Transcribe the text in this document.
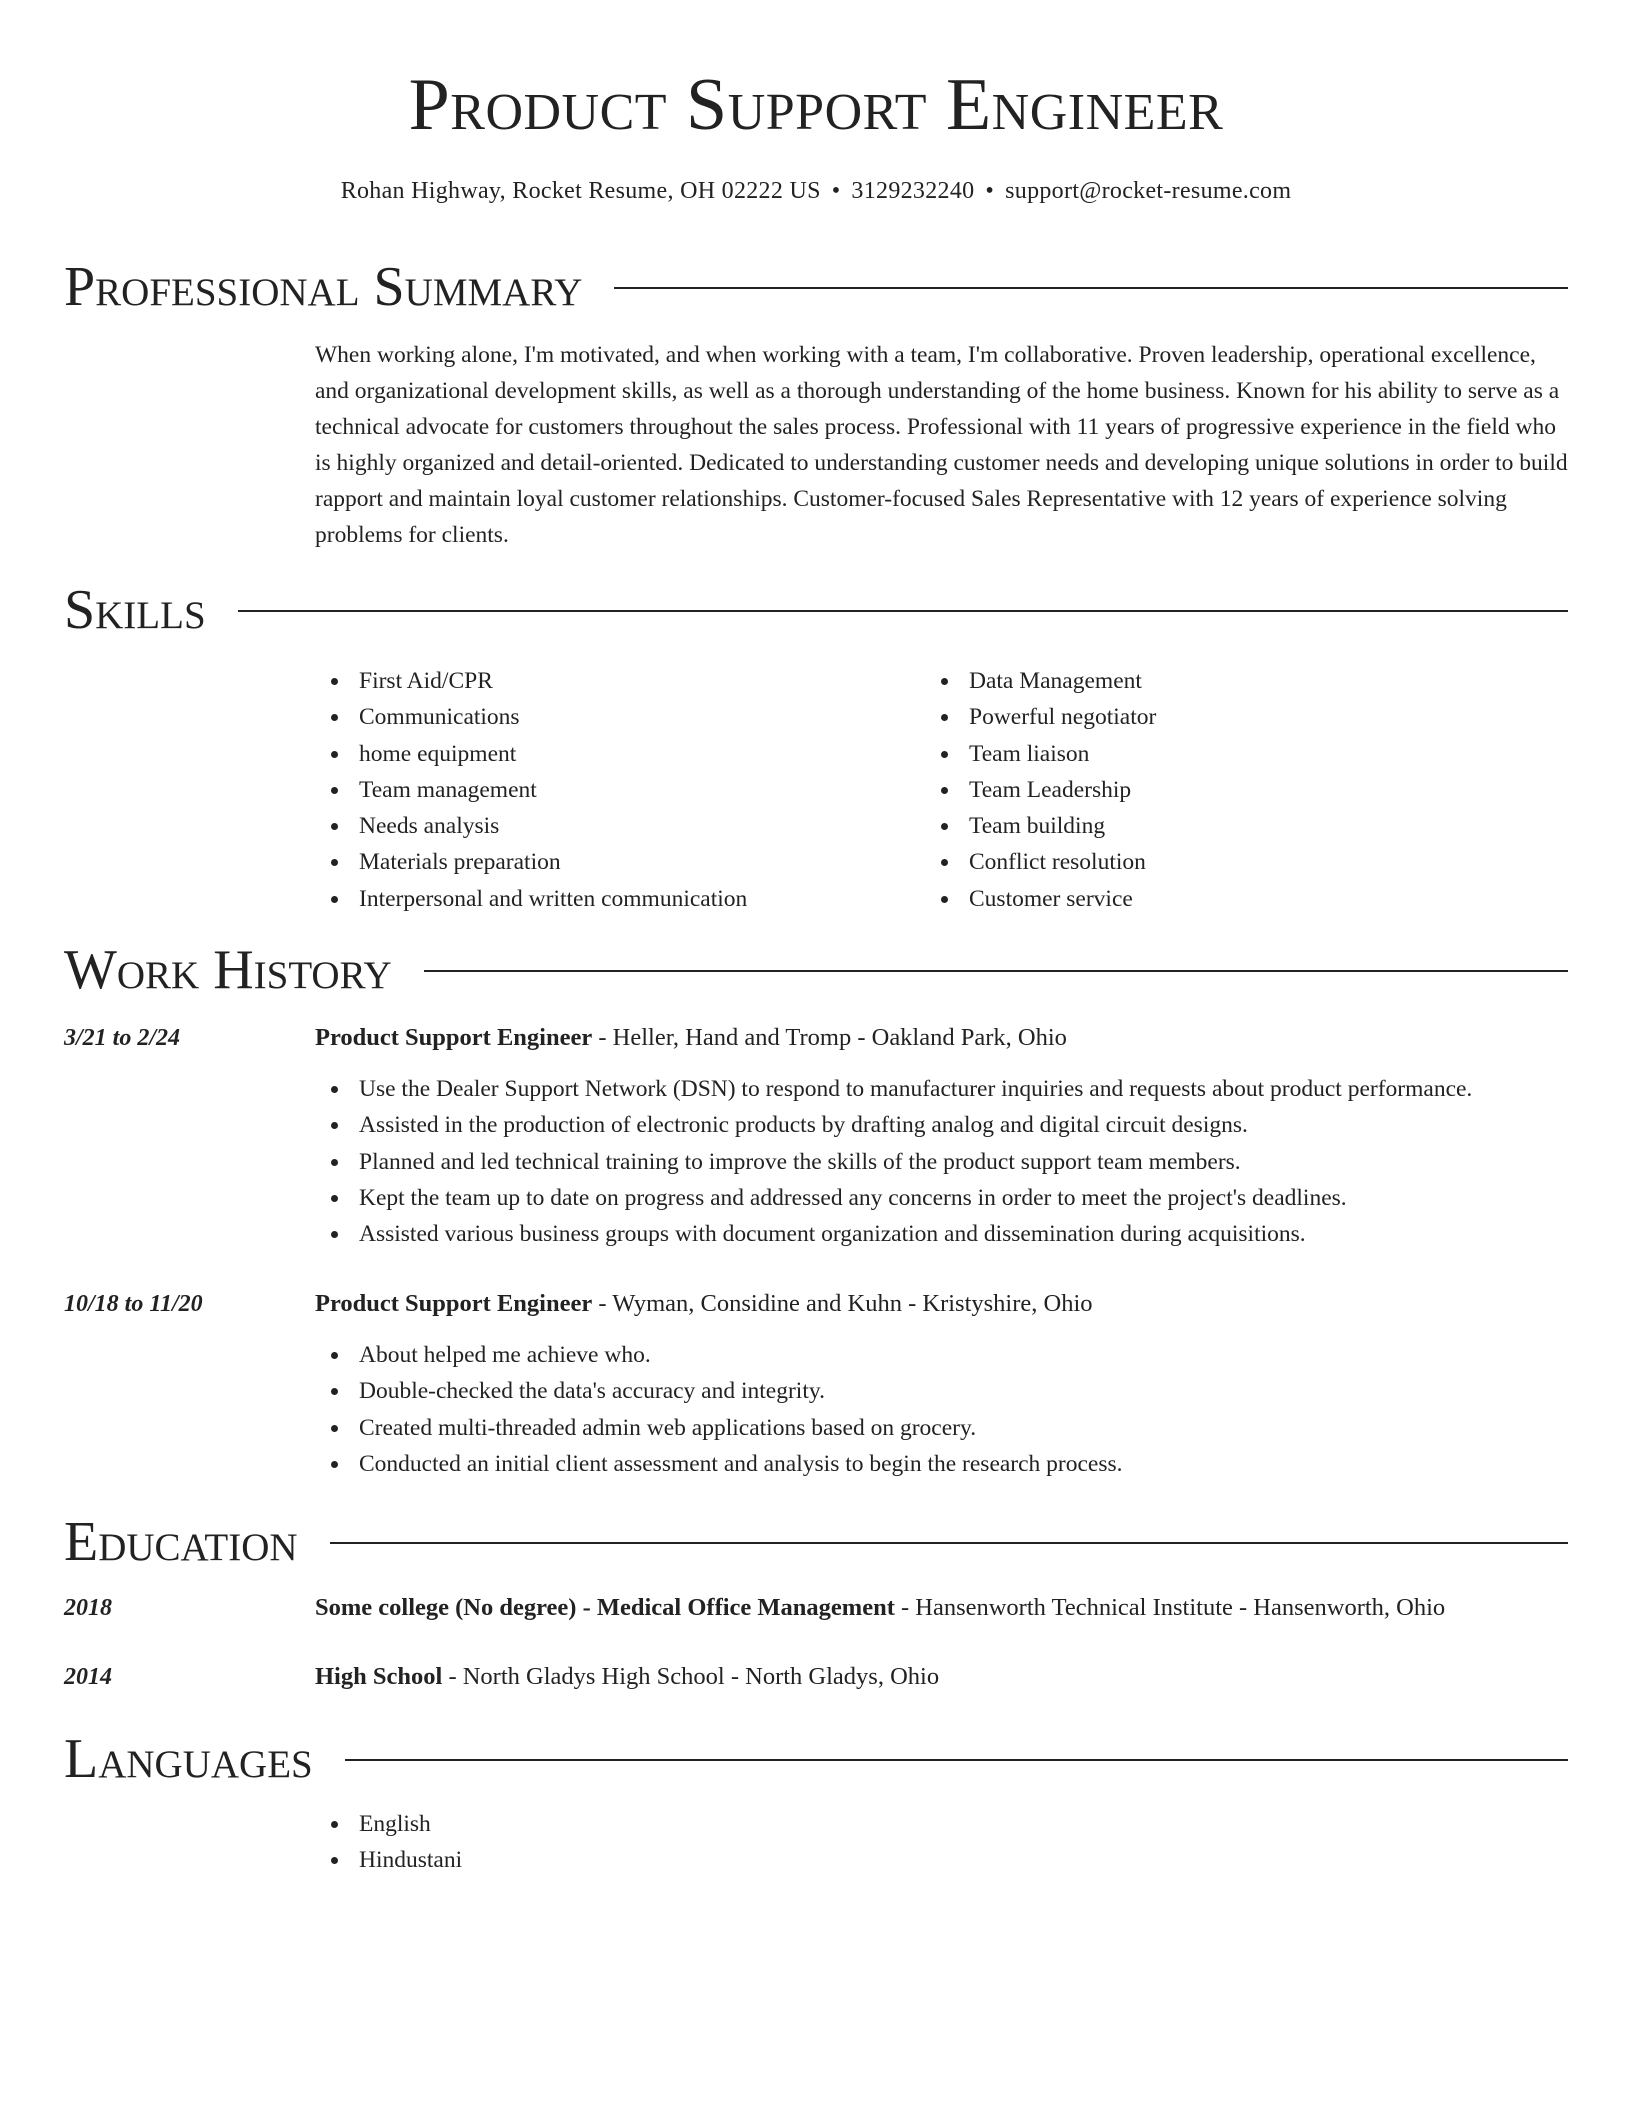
Product Support Engineer
Rohan Highway, Rocket Resume, OH 02222 US • 3129232240 • support@rocket-resume.com
Professional Summary

When working alone, I'm motivated, and when working with a team, I'm collaborative. Proven leadership, operational excellence, and organizational development skills, as well as a thorough understanding of the home business. Known for his ability to serve as a technical advocate for customers throughout the sales process. Professional with 11 years of progressive experience in the field who is highly organized and detail-oriented. Dedicated to understanding customer needs and developing unique solutions in order to build rapport and maintain loyal customer relationships. Customer-focused Sales Representative with 12 years of experience solving problems for clients.

Skills
First Aid/CPR
Communications
home equipment
Team management
Needs analysis
Materials preparation
Interpersonal and written communication
Data Management
Powerful negotiator
Team liaison
Team Leadership
Team building
Conflict resolution
Customer service
Work History
3/21 to 2/24	Product Support Engineer - Heller, Hand and Tromp - Oakland Park, Ohio
Use the Dealer Support Network (DSN) to respond to manufacturer inquiries and requests about product performance.
Assisted in the production of electronic products by drafting analog and digital circuit designs.
Planned and led technical training to improve the skills of the product support team members.
Kept the team up to date on progress and addressed any concerns in order to meet the project's deadlines.
Assisted various business groups with document organization and dissemination during acquisitions.
10/18 to 11/20	Product Support Engineer - Wyman, Considine and Kuhn - Kristyshire, Ohio
About helped me achieve who.
Double-checked the data's accuracy and integrity.
Created multi-threaded admin web applications based on grocery.
Conducted an initial client assessment and analysis to begin the research process.
Education
2018	Some college (No degree) - Medical Office Management - Hansenworth Technical Institute - Hansenworth, Ohio
2014	High School - North Gladys High School - North Gladys, Ohio
Languages
English
Hindustani
